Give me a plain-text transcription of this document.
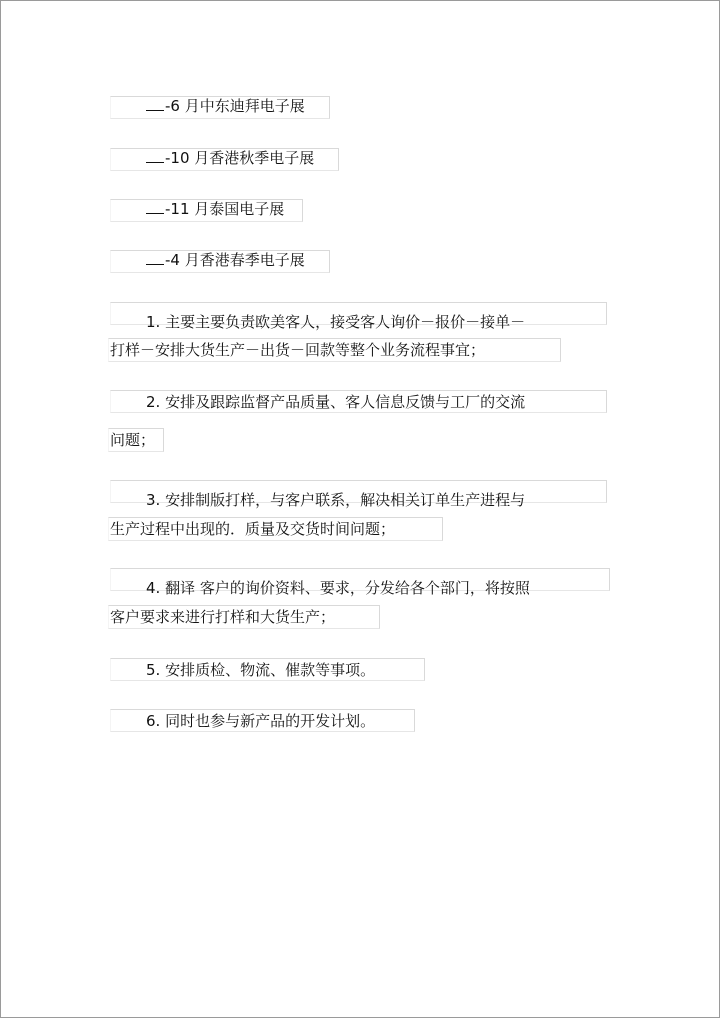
-6 月中东迪拜电子展
-10 月香港秋季电子展
-11 月泰国电子展
-4 月香港春季电子展
1. 主要主要负责欧美客人，接受客人询价－报价－接单－
打样－安排大货生产－出货－回款等整个业务流程事宜；
2. 安排及跟踪监督产品质量、客人信息反馈与工厂的交流
问题；
3. 安排制版打样，与客户联系，解决相关订单生产进程与
生产过程中出现的．质量及交货时间问题；
4. 翻译 客户的询价资料、要求，分发给各个部门，将按照
客户要求来进行打样和大货生产；
5. 安排质检、物流、催款等事项。
6. 同时也参与新产品的开发计划。
